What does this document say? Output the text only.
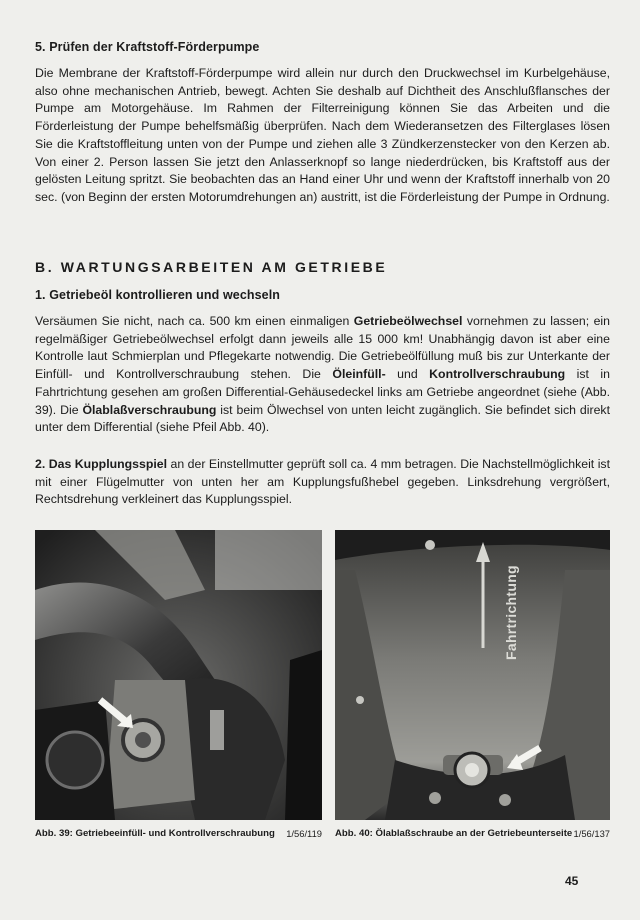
5. Prüfen der Kraftstoff-Förderpumpe
Die Membrane der Kraftstoff-Förderpumpe wird allein nur durch den Druckwechsel im Kurbelgehäuse, also ohne mechanischen Antrieb, bewegt. Achten Sie deshalb auf Dichtheit des Anschlußflansches der Pumpe am Motorgehäuse. Im Rahmen der Filterreinigung können Sie das Arbeiten und die Förderleistung der Pumpe behelfsmäßig überprüfen. Nach dem Wiederansetzen des Filterglases lösen Sie die Kraftstoffleitung unten von der Pumpe und ziehen alle 3 Zündkerzenstecker von den Kerzen ab. Von einer 2. Person lassen Sie jetzt den Anlasserknopf so lange niederdrücken, bis Kraftstoff aus der gelösten Leitung spritzt. Sie beobachten das an Hand einer Uhr und wenn der Kraftstoff innerhalb von 20 sec. (von Beginn der ersten Motorumdrehungen an) austritt, ist die Förderleistung der Pumpe in Ordnung.
B. WARTUNGSARBEITEN AM GETRIEBE
1. Getriebeöl kontrollieren und wechseln
Versäumen Sie nicht, nach ca. 500 km einen einmaligen Getriebeölwechsel vornehmen zu lassen; ein regelmäßiger Getriebeölwechsel erfolgt dann jeweils alle 15 000 km! Unabhängig davon ist aber eine Kontrolle laut Schmierplan und Pflegekarte notwendig. Die Getriebeölfüllung muß bis zur Unterkante der Einfüll- und Kontrollverschraubung stehen. Die Öleinfüll- und Kontrollverschraubung ist in Fahrtrichtung gesehen am großen Differential-Gehäusedeckel links am Getriebe angeordnet (siehe (Abb. 39). Die Ölablaßverschraubung ist beim Ölwechsel von unten leicht zugänglich. Sie befindet sich direkt unter dem Differential (siehe Pfeil Abb. 40).
2. Das Kupplungsspiel an der Einstellmutter geprüft soll ca. 4 mm betragen. Die Nachstellmöglichkeit ist mit einer Flügelmutter von unten her am Kupplungsfußhebel gegeben. Linksdrehung vergrößert, Rechtsdrehung verkleinert das Kupplungsspiel.
Abb. 39: Getriebeeinfüll- und Kontrollverschraubung 1/56/119
Fahrtrichtung
Abb. 40: Ölablaßschraube an der Getriebeunterseite 1/56/137
45
